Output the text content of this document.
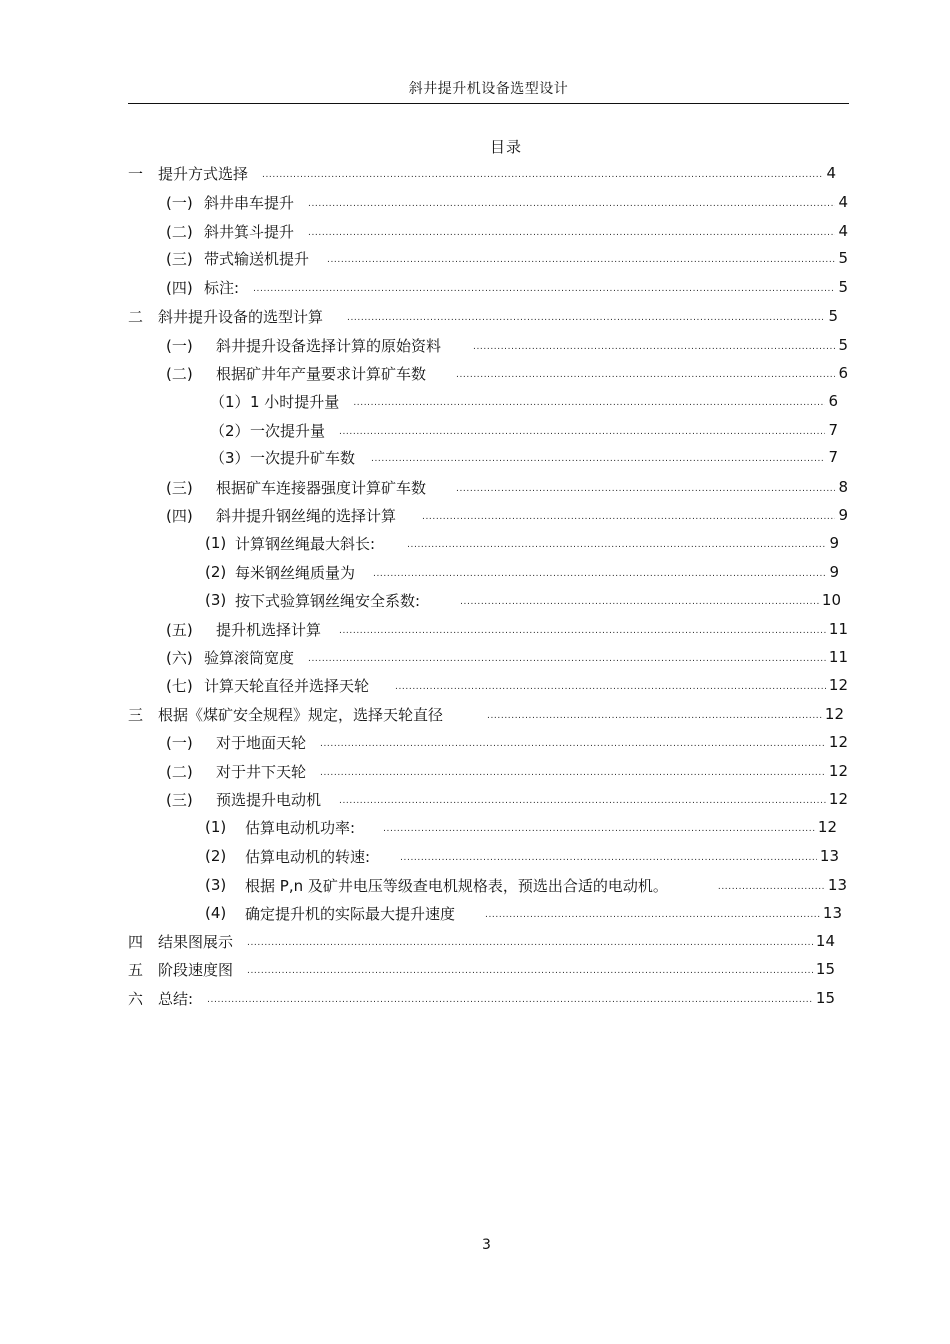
斜井提升机设备选型设计
目录
一 提升方式选择 .....	4
(一) 斜井串车提升 .....	4
(二) 斜井箕斗提升 .....	4
(三) 带式输送机提升 .....	5
(四) 标注: .....	5
二 斜井提升设备的选型计算 .....	5
(一)	斜井提升设备选择计算的原始资料 .....	5
(二)	根据矿井年产量要求计算矿车数 .....	6
（1） 1 小时提升量 .....	6
（2） 一次提升量 .....	7
（3） 一次提升矿车数 .....	7
(三)	根据矿车连接器强度计算矿车数 .....	8
(四)	斜井提升钢丝绳的选择计算 .....	9
(1) 计算钢丝绳最大斜长: .....	9
(2) 每米钢丝绳质量为 .....	9
(3) 按下式验算钢丝绳安全系数: .....	10
(五)	提升机选择计算 .....	11
(六) 验算滚筒宽度 .....	11
(七) 计算天轮直径并选择天轮 .....	12
三 根据《煤矿安全规程》规定，选择天轮直径 .....	12
(一)	对于地面天轮 .....	12
(二)	对于井下天轮 .....	12
(三)	预选提升电动机 .....	12
(1)	估算电动机功率: .....	12
(2)	估算电动机的转速: .....	13
(3)	根据 P,n 及矿井电压等级查电机规格表，预选出合适的电动机。 .....	13
(4)	确定提升机的实际最大提升速度 .....	13
四 结果图展示 .....	14
五 阶段速度图 .....	15
六 总结: .....	15
3
